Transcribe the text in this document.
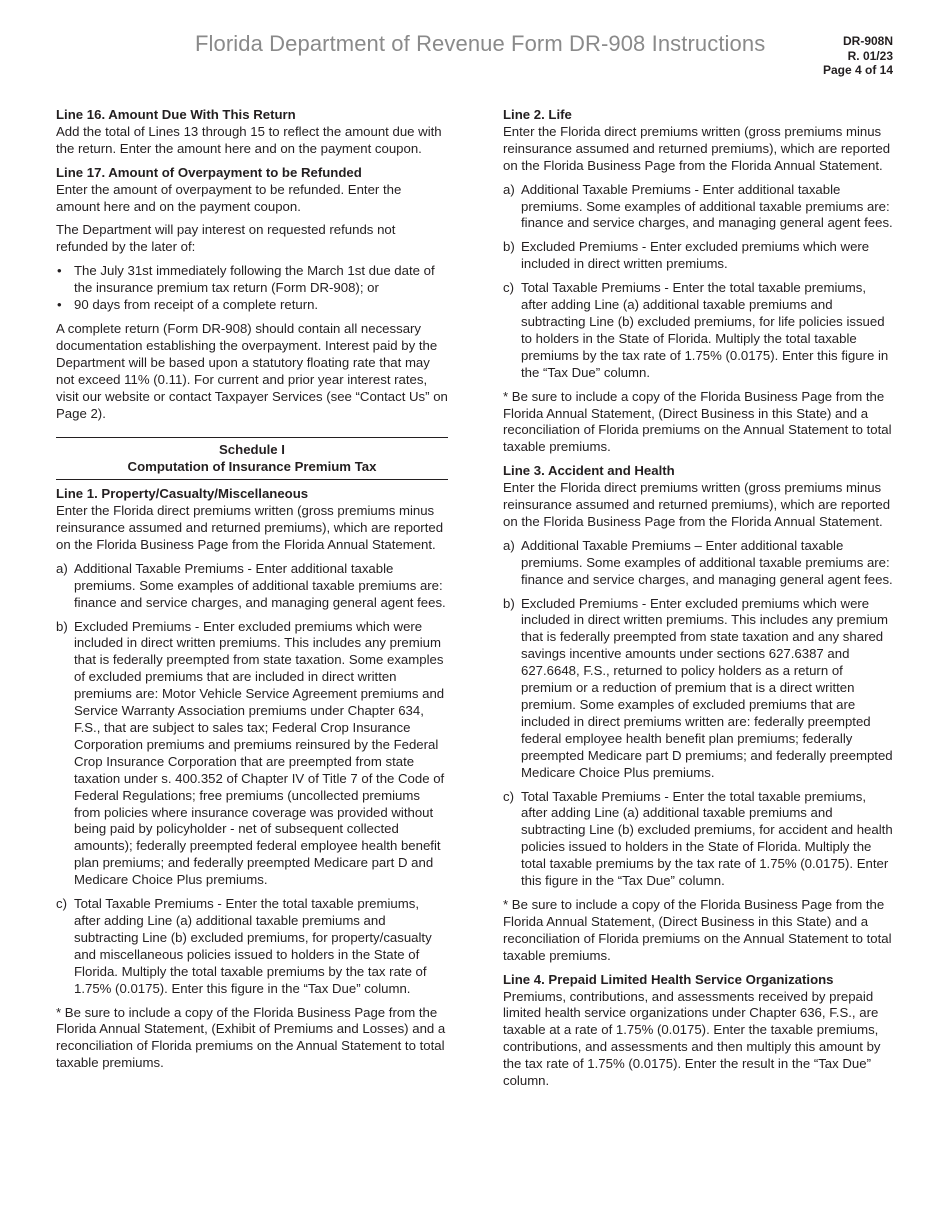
Florida Department of Revenue Form DR-908 Instructions	DR-908N
R. 01/23
Page 4 of 14
Line 16. Amount Due With This Return
Add the total of Lines 13 through 15 to reflect the amount due with the return. Enter the amount here and on the payment coupon.
Line 17. Amount of Overpayment to be Refunded
Enter the amount of overpayment to be refunded. Enter the amount here and on the payment coupon.

The Department will pay interest on requested refunds not refunded by the later of:

• The July 31st immediately following the March 1st due date of the insurance premium tax return (Form DR-908); or
• 90 days from receipt of a complete return.

A complete return (Form DR-908) should contain all necessary documentation establishing the overpayment. Interest paid by the Department will be based upon a statutory floating rate that may not exceed 11% (0.11). For current and prior year interest rates, visit our website or contact Taxpayer Services (see “Contact Us” on Page 2).

Schedule I
Computation of Insurance Premium Tax
Line 1. Property/Casualty/Miscellaneous
Enter the Florida direct premiums written (gross premiums minus reinsurance assumed and returned premiums), which are reported on the Florida Business Page from the Florida Annual Statement.
a) Additional Taxable Premiums - Enter additional taxable premiums. Some examples of additional taxable premiums are: finance and service charges, and managing general agent fees.
b) Excluded Premiums - Enter excluded premiums which were included in direct written premiums. This includes any premium that is federally preempted from state taxation. Some examples of excluded premiums that are included in direct written premiums are: Motor Vehicle Service Agreement premiums and Service Warranty Association premiums under Chapter 634, F.S., that are subject to sales tax; Federal Crop Insurance Corporation premiums and premiums reinsured by the Federal Crop Insurance Corporation that are preempted from state taxation under s. 400.352 of Chapter IV of Title 7 of the Code of Federal Regulations; free premiums (uncollected premiums from policies where insurance coverage was provided without being paid by policyholder - net of subsequent collected amounts); federally preempted federal employee health benefit plan premiums; and federally preempted Medicare part D and Medicare Choice Plus premiums.
c) Total Taxable Premiums - Enter the total taxable premiums, after adding Line (a) additional taxable premiums and subtracting Line (b) excluded premiums, for property/casualty and miscellaneous policies issued to holders in the State of Florida. Multiply the total taxable premiums by the tax rate of 1.75% (0.0175). Enter this figure in the “Tax Due” column.

* Be sure to include a copy of the Florida Business Page from the Florida Annual Statement, (Exhibit of Premiums and Losses) and a reconciliation of Florida premiums on the Annual Statement to total taxable premiums.

Line 2. Life
Enter the Florida direct premiums written (gross premiums minus reinsurance assumed and returned premiums), which are reported on the Florida Business Page from the Florida Annual Statement.
a) Additional Taxable Premiums - Enter additional taxable premiums. Some examples of additional taxable premiums are: finance and service charges, and managing general agent fees.
b) Excluded Premiums - Enter excluded premiums which were included in direct written premiums.
c) Total Taxable Premiums - Enter the total taxable premiums, after adding Line (a) additional taxable premiums and subtracting Line (b) excluded premiums, for life policies issued to holders in the State of Florida. Multiply the total taxable premiums by the tax rate of 1.75% (0.0175). Enter this figure in the “Tax Due” column.

* Be sure to include a copy of the Florida Business Page from the Florida Annual Statement, (Direct Business in this State) and a reconciliation of Florida premiums on the Annual Statement to total taxable premiums.

Line 3. Accident and Health
Enter the Florida direct premiums written (gross premiums minus reinsurance assumed and returned premiums), which are reported on the Florida Business Page from the Florida Annual Statement.
a) Additional Taxable Premiums – Enter additional taxable premiums. Some examples of additional taxable premiums are: finance and service charges, and managing general agent fees.
b) Excluded Premiums - Enter excluded premiums which were included in direct written premiums. This includes any premium that is federally preempted from state taxation and any shared savings incentive amounts under sections 627.6387 and 627.6648, F.S., returned to policy holders as a return of premium or a reduction of premium that is a direct written premium. Some examples of excluded premiums that are included in direct premiums written are: federally preempted federal employee health benefit plan premiums; federally preempted Medicare part D premiums; and federally preempted Medicare Choice Plus premiums.
c) Total Taxable Premiums - Enter the total taxable premiums, after adding Line (a) additional taxable premiums and subtracting Line (b) excluded premiums, for accident and health policies issued to holders in the State of Florida. Multiply the total taxable premiums by the tax rate of 1.75% (0.0175). Enter this figure in the “Tax Due” column.

* Be sure to include a copy of the Florida Business Page from the Florida Annual Statement, (Direct Business in this State) and a reconciliation of Florida premiums on the Annual Statement to total taxable premiums.

Line 4. Prepaid Limited Health Service Organizations
Premiums, contributions, and assessments received by prepaid limited health service organizations under Chapter 636, F.S., are taxable at a rate of 1.75% (0.0175). Enter the taxable premiums, contributions, and assessments and then multiply this amount by the tax rate of 1.75% (0.0175). Enter the result in the “Tax Due” column.
